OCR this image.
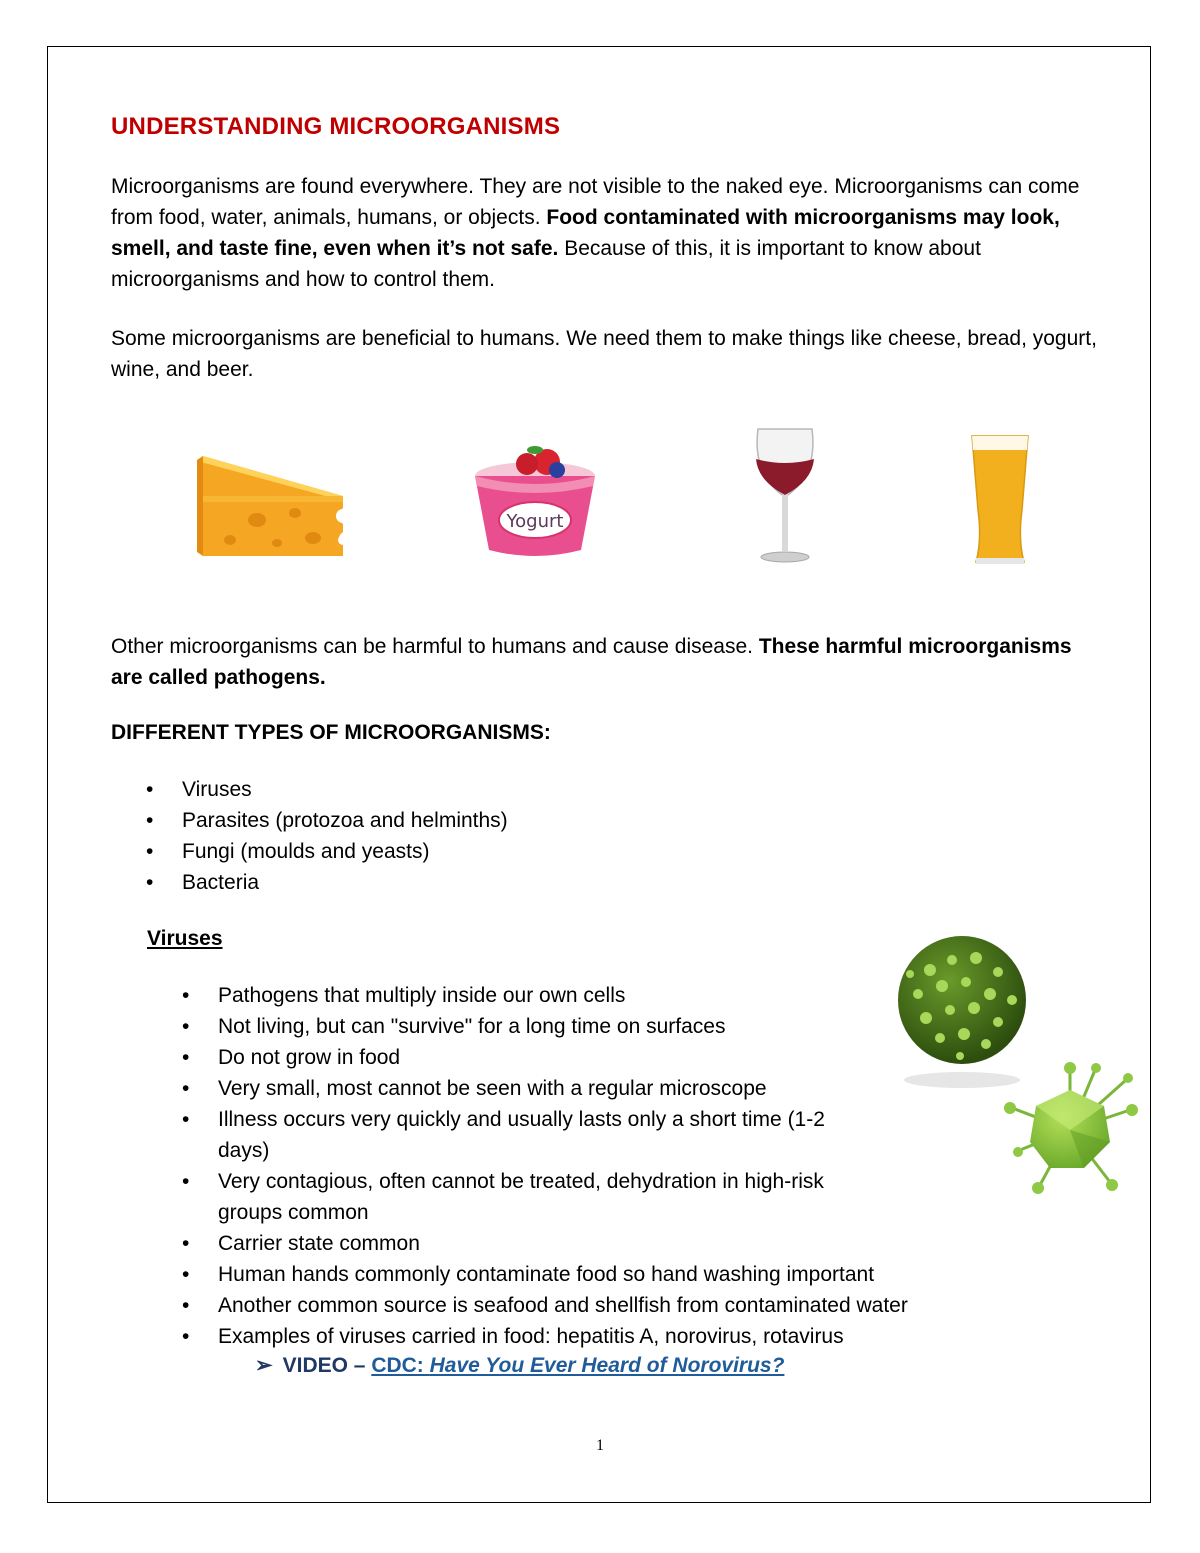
UNDERSTANDING MICROORGANISMS

Microorganisms are found everywhere. They are not visible to the naked eye. Microorganisms can come from food, water, animals, humans, or objects. Food contaminated with microorganisms may look, smell, and taste fine, even when it’s not safe. Because of this, it is important to know about microorganisms and how to control them.

Some microorganisms are beneficial to humans. We need them to make things like cheese, bread, yogurt, wine, and beer.

Yogurt

Other microorganisms can be harmful to humans and cause disease. These harmful microorganisms are called pathogens.

DIFFERENT TYPES OF MICROORGANISMS:
• Viruses
• Parasites (protozoa and helminths)
• Fungi (moulds and yeasts)
• Bacteria
Viruses
• Pathogens that multiply inside our own cells
• Not living, but can "survive" for a long time on surfaces
• Do not grow in food
• Very small, most cannot be seen with a regular microscope
• Illness occurs very quickly and usually lasts only a short time (1-2 days)
• Very contagious, often cannot be treated, dehydration in high-risk groups common
• Carrier state common
• Human hands commonly contaminate food so hand washing important
• Another common source is seafood and shellfish from contaminated water
• Examples of viruses carried in food: hepatitis A, norovirus, rotavirus
➢ VIDEO – CDC: Have You Ever Heard of Norovirus?
1
